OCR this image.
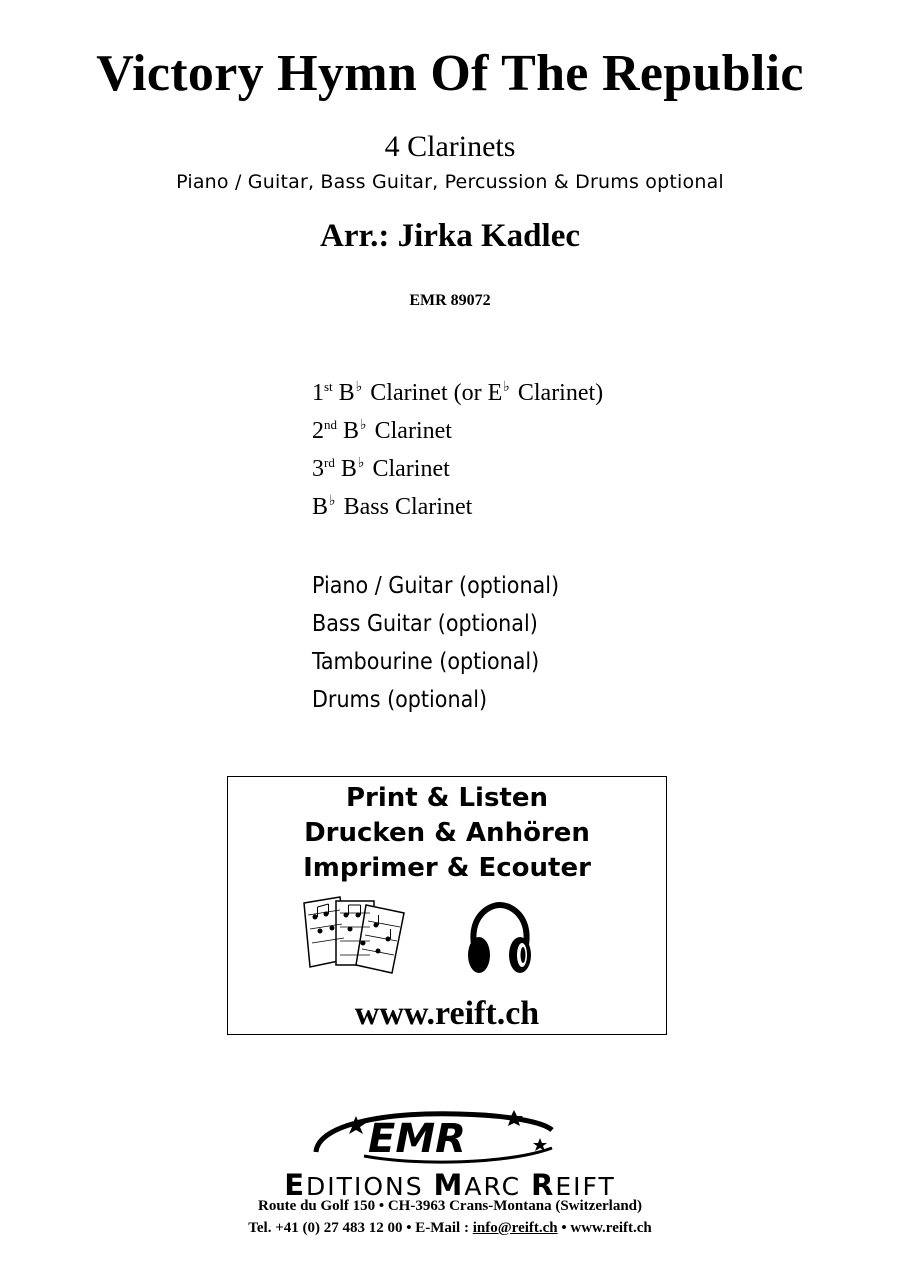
Victory Hymn Of The Republic
4 Clarinets
Piano / Guitar, Bass Guitar, Percussion & Drums optional
Arr.: Jirka Kadlec
EMR 89072
1st B♭ Clarinet (or E♭ Clarinet)
2nd B♭ Clarinet
3rd B♭ Clarinet
B♭ Bass Clarinet
Piano / Guitar (optional)
Bass Guitar (optional)
Tambourine (optional)
Drums (optional)
Print & Listen
Drucken & Anhören
Imprimer & Ecouter
www.reift.ch
EMR
EDITIONS MARC REIFT
Route du Golf 150 • CH-3963 Crans-Montana (Switzerland)
Tel. +41 (0) 27 483 12 00 • E-Mail : info@reift.ch • www.reift.ch
